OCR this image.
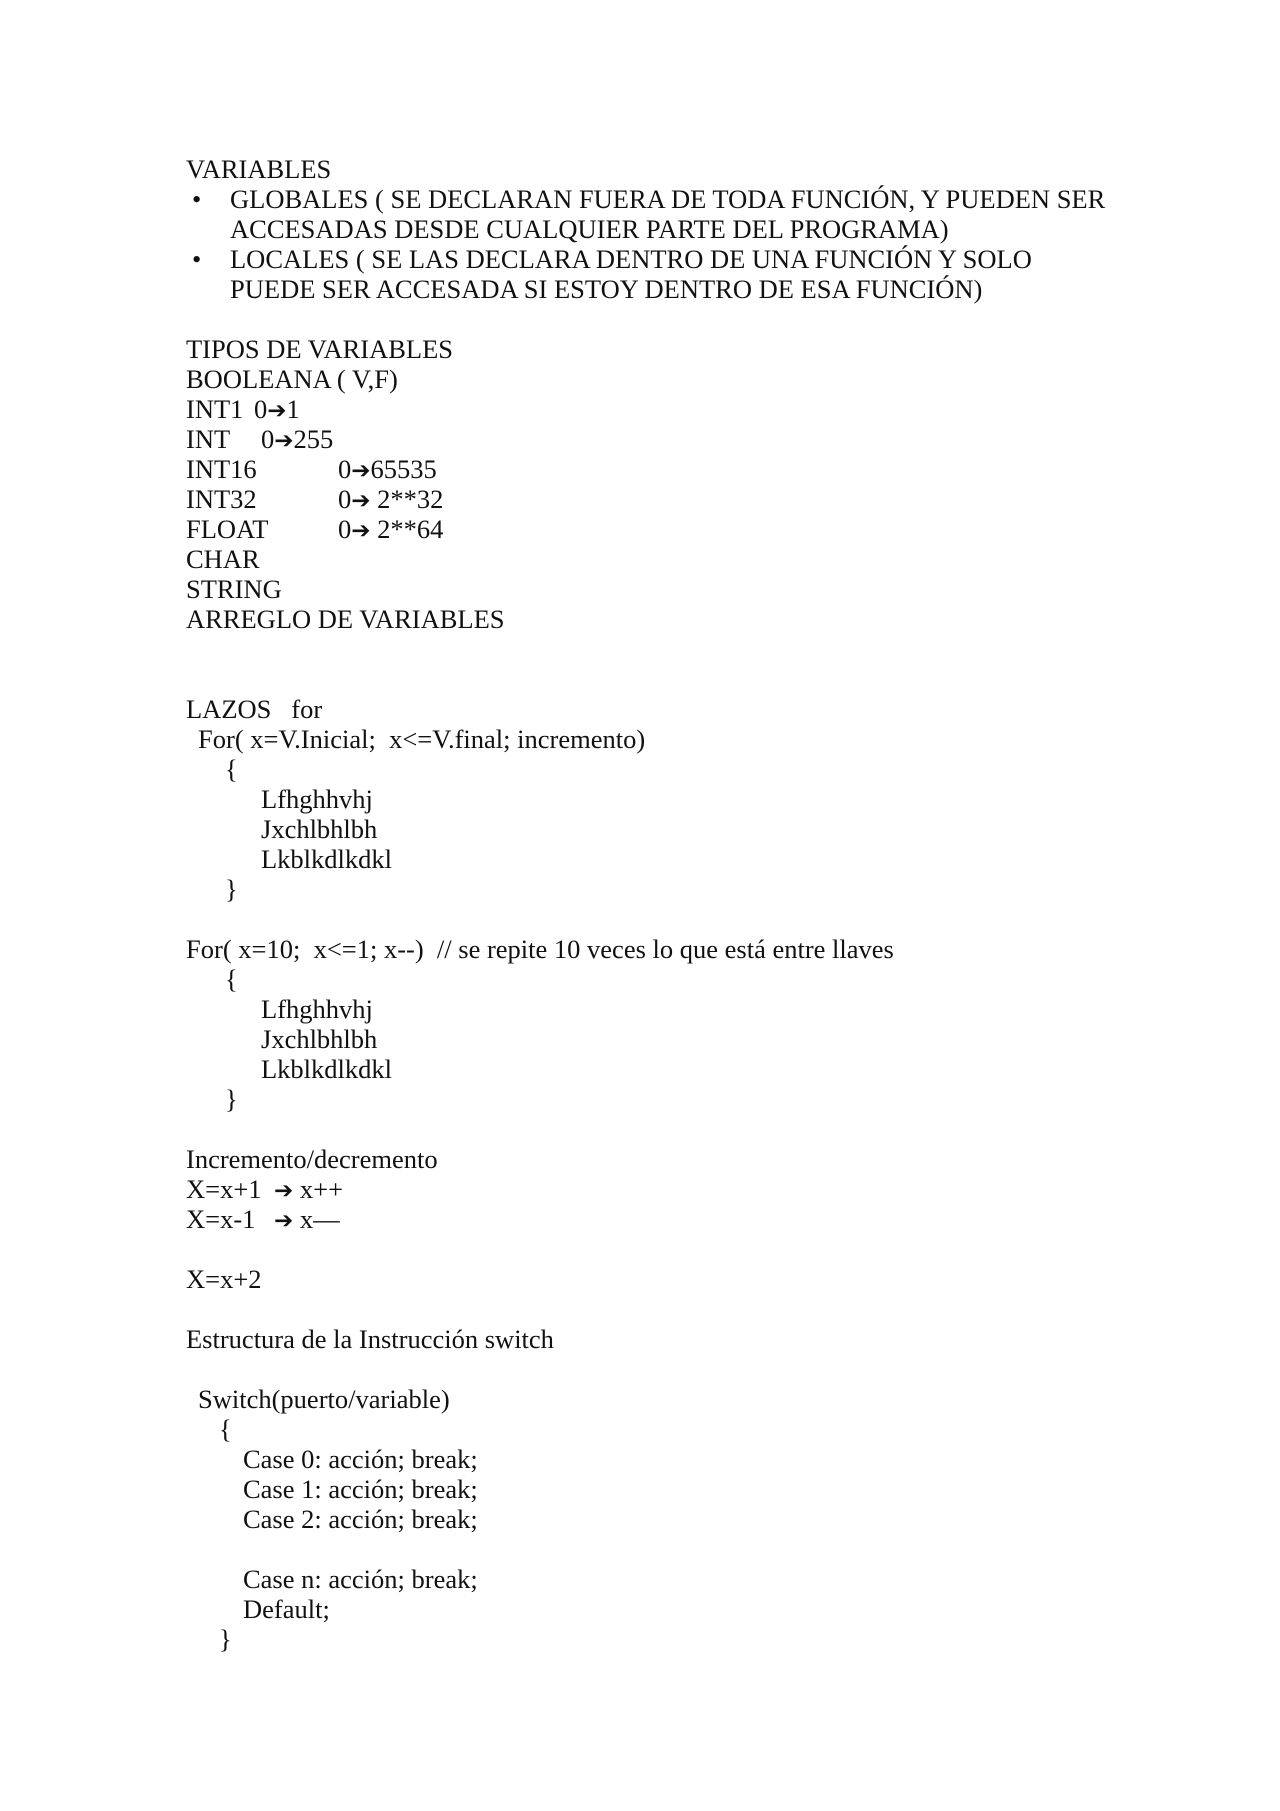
VARIABLES
• GLOBALES ( SE DECLARAN FUERA DE TODA FUNCIÓN, Y PUEDEN SER
ACCESADAS DESDE CUALQUIER PARTE DEL PROGRAMA)
• LOCALES ( SE LAS DECLARA DENTRO DE UNA FUNCIÓN Y SOLO
PUEDE SER ACCESADA SI ESTOY DENTRO DE ESA FUNCIÓN)
TIPOS DE VARIABLES
BOOLEANA ( V,F)
INT1 0➔1
INT 0➔255
INT16	0➔65535
INT32	0➔ 2**32
FLOAT	0➔ 2**64
CHAR
STRING
ARREGLO DE VARIABLES
LAZOS   for
For( x=V.Inicial;  x<=V.final; incremento)
{
Lfhghhvhj
Jxchlbhlbh
Lkblkdlkdkl
}
For( x=10;  x<=1; x--)  // se repite 10 veces lo que está entre llaves
{
Lfhghhvhj
Jxchlbhlbh
Lkblkdlkdkl
}
Incremento/decremento
X=x+1 ➔ x++
X=x-1 ➔ x—
X=x+2
Estructura de la Instrucción switch
Switch(puerto/variable)
{
Case 0: acción; break;
Case 1: acción; break;
Case 2: acción; break;
Case n: acción; break;
Default;
}
